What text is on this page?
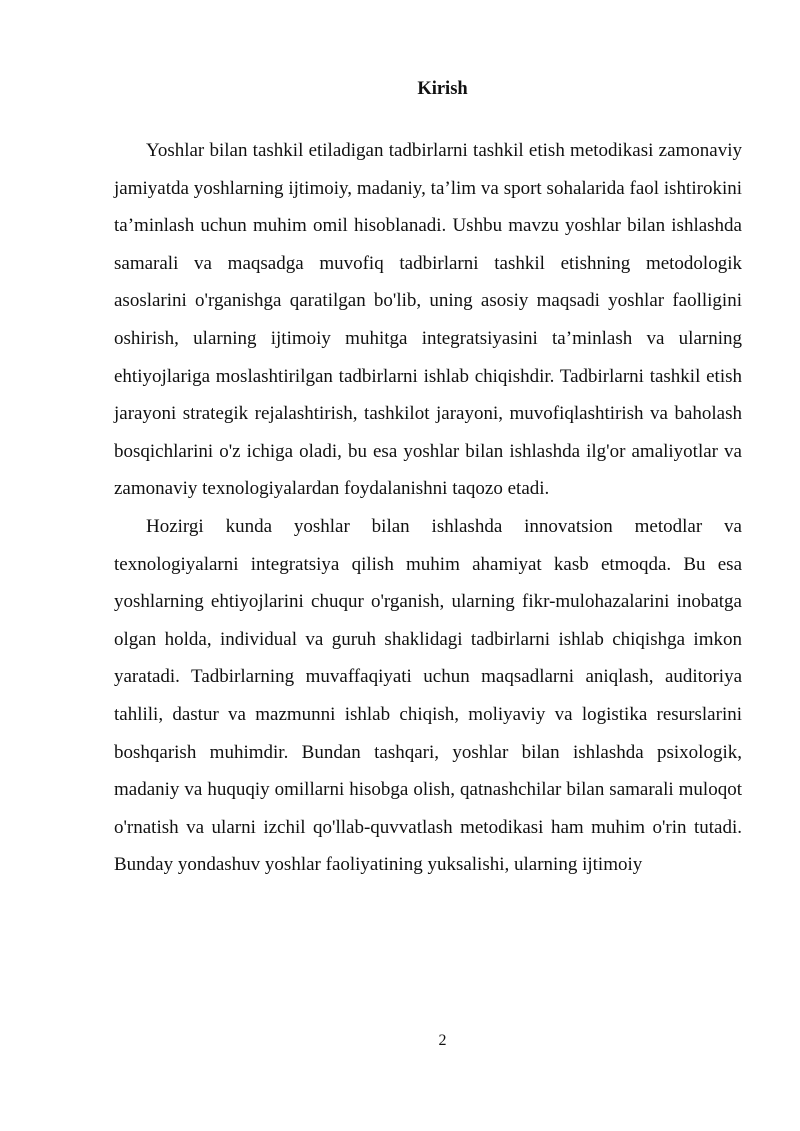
Kirish

Yoshlar bilan tashkil etiladigan tadbirlarni tashkil etish metodikasi zamonaviy jamiyatda yoshlarning ijtimoiy, madaniy, ta’lim va sport sohalarida faol ishtirokini ta’minlash uchun muhim omil hisoblanadi. Ushbu mavzu yoshlar bilan ishlashda samarali va maqsadga muvofiq tadbirlarni tashkil etishning metodologik asoslarini o'rganishga qaratilgan bo'lib, uning asosiy maqsadi yoshlar faolligini oshirish, ularning ijtimoiy muhitga integratsiyasini ta’minlash va ularning ehtiyojlariga moslashtirilgan tadbirlarni ishlab chiqishdir. Tadbirlarni tashkil etish jarayoni strategik rejalashtirish, tashkilot jarayoni, muvofiqlashtirish va baholash bosqichlarini o'z ichiga oladi, bu esa yoshlar bilan ishlashda ilg'or amaliyotlar va zamonaviy texnologiyalardan foydalanishni taqozo etadi.

Hozirgi kunda yoshlar bilan ishlashda innovatsion metodlar va texnologiyalarni integratsiya qilish muhim ahamiyat kasb etmoqda. Bu esa yoshlarning ehtiyojlarini chuqur o'rganish, ularning fikr-mulohazalarini inobatga olgan holda, individual va guruh shaklidagi tadbirlarni ishlab chiqishga imkon yaratadi. Tadbirlarning muvaffaqiyati uchun maqsadlarni aniqlash, auditoriya tahlili, dastur va mazmunni ishlab chiqish, moliyaviy va logistika resurslarini boshqarish muhimdir. Bundan tashqari, yoshlar bilan ishlashda psixologik, madaniy va huquqiy omillarni hisobga olish, qatnashchilar bilan samarali muloqot o'rnatish va ularni izchil qo'llab-quvvatlash metodikasi ham muhim o'rin tutadi. Bunday yondashuv yoshlar faoliyatining yuksalishi, ularning ijtimoiy

2
